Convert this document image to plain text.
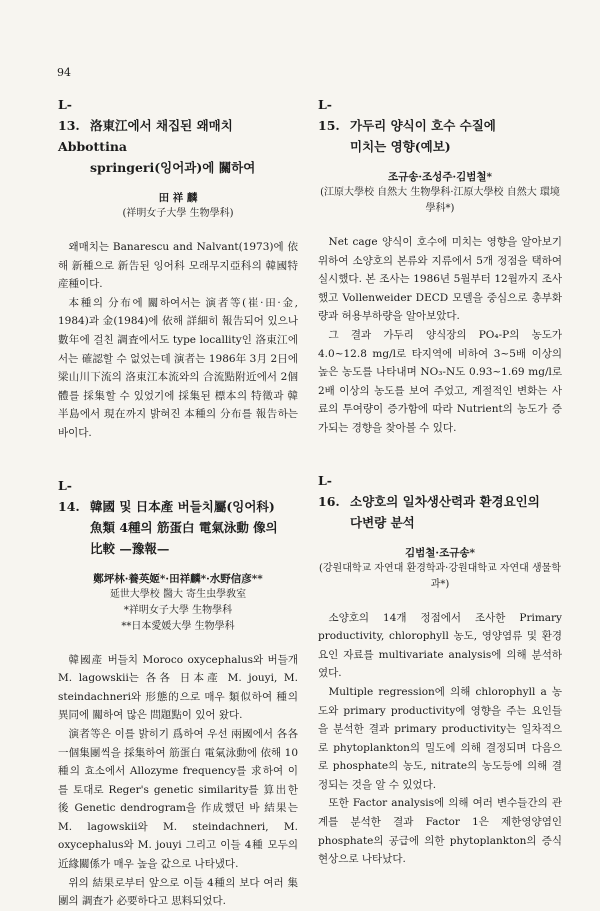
94
L-13. 洛東江에서 채집된 왜매치 Abbottina
springeri(잉어과)에 關하여

田 祥 麟

(祥明女子大學 生物學科)

왜매치는 Banarescu and Nalvant(1973)에 依해 新種으로 新告된 잉어科 모래무지亞科의 韓國特産種이다.

本種의 分布에 關하여서는 演者等(崔·田·金, 1984)과 金(1984)에 依해 詳細히 報告되어 있으나 數年에 걸친 調査에서도 type locallity인 洛東江에서는 確認할 수 없었는데 演者는 1986年 3月 2日에 梁山川下流의 洛東江本流와의 合流點附近에서 2個體를 採集할 수 있었기에 採集된 標本의 特徵과 韓半島에서 現在까지 밝혀진 本種의 分布를 報告하는 바이다.

L-14. 韓國 및 日本產 버들치屬(잉어科)
魚類 4種의 筋蛋白 電氣泳動 像의
比較 —豫報—

鄭坪林·養英姬*·田祥麟*·水野信彦**

延世大學校 醫大 寄生虫學敎室

*祥明女子大學 生物學科

**日本愛媛大學 生物學科

韓國產 버들치 Moroco oxycephalus와 버들개 M. lagowskii는 各各 日本產 M. jouyi, M. steindachneri와 形態的으로 매우 類似하여 種의 異同에 關하여 많은 問題點이 있어 왔다.

演者等은 이를 밝히기 爲하여 우선 兩國에서 各各 一個集團씩을 採集하여 筋蛋白 電氣泳動에 依해 10種의 효소에서 Allozyme frequency를 求하여 이를 토대로 Reger's genetic similarity를 算出한 後 Genetic dendrogram을 作成했던 바 結果는 M. lagowskii와 M. steindachneri, M. oxycephalus와 M. jouyi 그리고 이들 4種 모두의 近緣關係가 매우 높을 값으로 나타냈다.

위의 結果로부터 앞으로 이들 4種의 보다 여러 集團의 調査가 必要하다고 思料되었다.

L-15. 가두리 양식이 호수 수질에
미치는 영향(예보)

조규송·조성주·김범철*

(江原大學校 自然大 生物學科·江原大學校 自然大 環境學科*)

Net cage 양식이 호수에 미치는 영향을 알아보기 위하여 소양호의 본류와 지류에서 5개 정점을 택하여 실시했다. 본 조사는 1986년 5월부터 12월까지 조사했고 Vollenweider DECD 모델을 중심으로 총부화량과 허용부하량을 알아보았다.

그 결과 가두리 양식장의 PO₄-P의 농도가 4.0~12.8 mg/l로 타지역에 비하여 3~5배 이상의 높은 농도를 나타내며 NO₃-N도 0.93~1.69 mg/l로 2배 이상의 농도를 보여 주었고, 계절적인 변화는 사료의 투여량이 증가함에 따라 Nutrient의 농도가 증가되는 경향을 찾아볼 수 있다.

L-16. 소양호의 일차생산력과 환경요인의
다변량 분석

김범철·조규송*

(강원대학교 자연대 환경학과·강원대학교 자연대 생물학과*)

소양호의 14개 정점에서 조사한 Primary productivity, chlorophyll 농도, 영양염류 및 환경요인 자료를 multivariate analysis에 의해 분석하였다.

Multiple regression에 의해 chlorophyll a 농도와 primary productivity에 영향을 주는 요인들을 분석한 결과 primary productivity는 일차적으로 phytoplankton의 밀도에 의해 결정되며 다음으로 phosphate의 농도, nitrate의 농도등에 의해 결정되는 것을 알 수 있었다.

또한 Factor analysis에 의해 여러 변수들간의 관계를 분석한 결과 Factor 1은 제한영양염인 phosphate의 공급에 의한 phytoplankton의 증식현상으로 나타났다.
